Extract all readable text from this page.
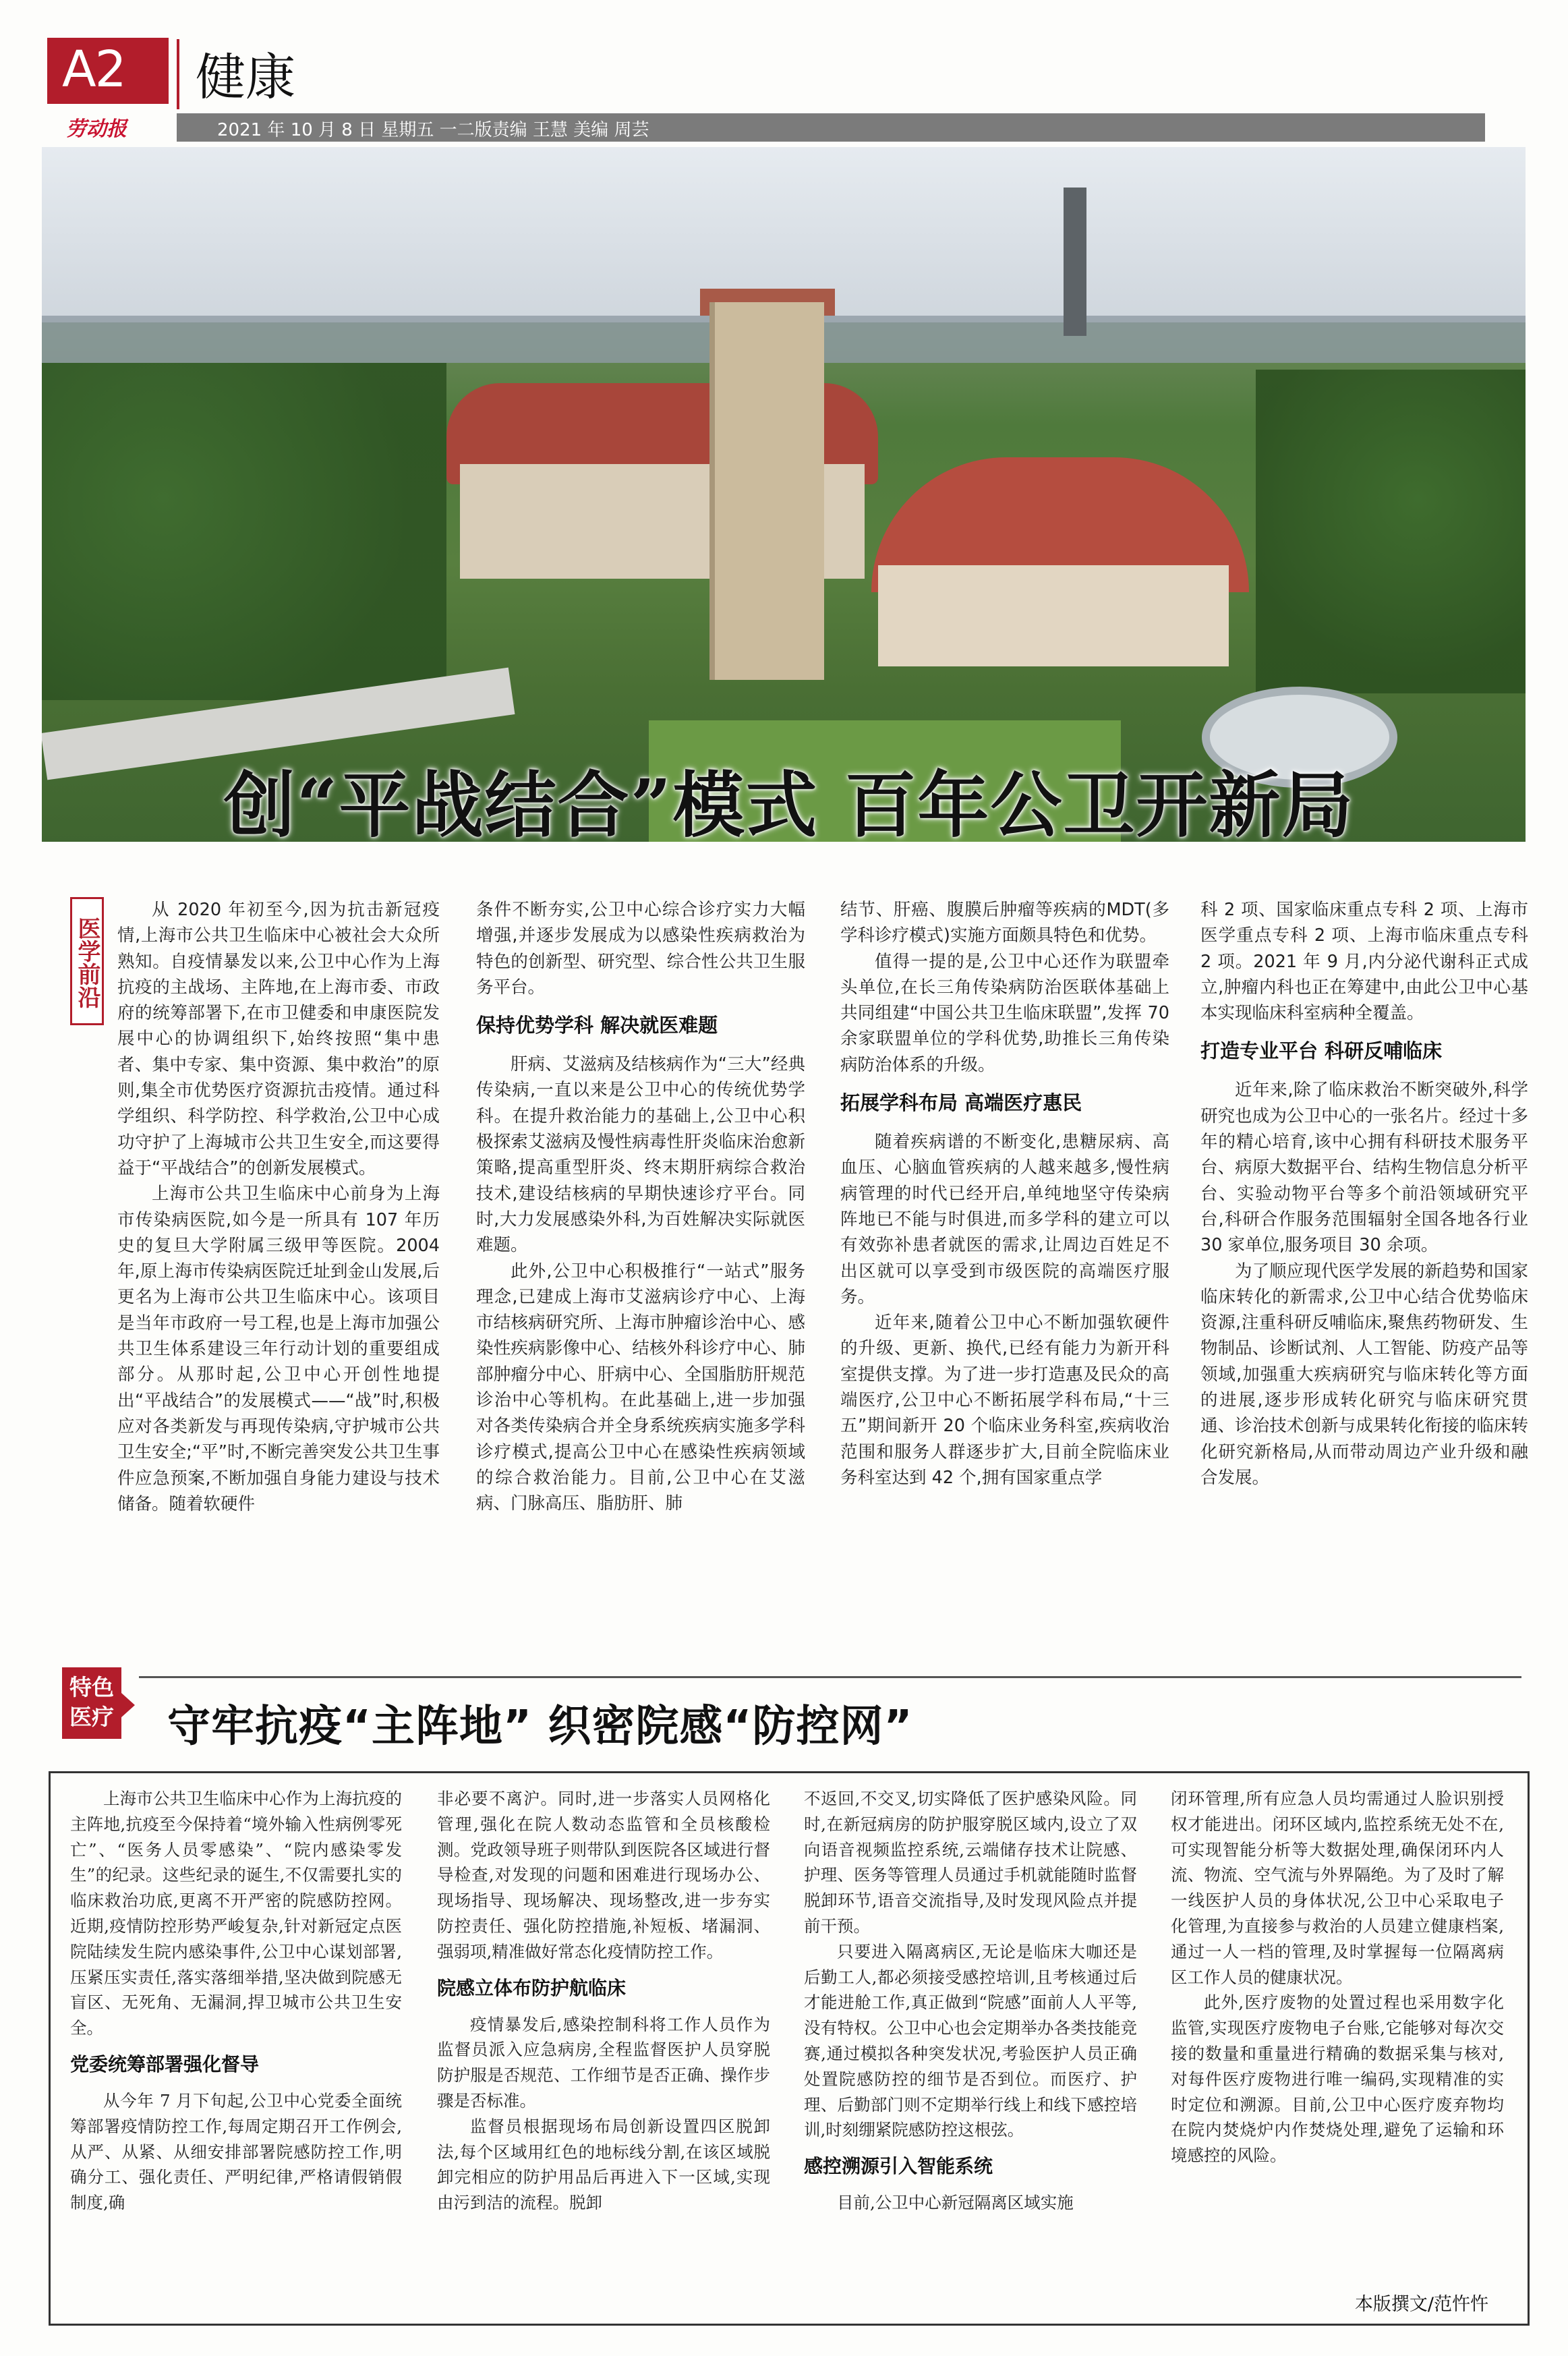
A2 健康
劳动报	2021 年 10 月 8 日 星期五 一二版责编 王慧 美编 周芸
创“平战结合”模式 百年公卫开新局
医学前沿

从 2020 年初至今,因为抗击新冠疫情,上海市公共卫生临床中心被社会大众所熟知。自疫情暴发以来,公卫中心作为上海抗疫的主战场、主阵地,在上海市委、市政府的统筹部署下,在市卫健委和申康医院发展中心的协调组织下,始终按照“集中患者、集中专家、集中资源、集中救治”的原则,集全市优势医疗资源抗击疫情。通过科学组织、科学防控、科学救治,公卫中心成功守护了上海城市公共卫生安全,而这要得益于“平战结合”的创新发展模式。

上海市公共卫生临床中心前身为上海市传染病医院,如今是一所具有 107 年历史的复旦大学附属三级甲等医院。2004 年,原上海市传染病医院迁址到金山发展,后更名为上海市公共卫生临床中心。该项目是当年市政府一号工程,也是上海市加强公共卫生体系建设三年行动计划的重要组成部分。从那时起,公卫中心开创性地提出“平战结合”的发展模式——“战”时,积极应对各类新发与再现传染病,守护城市公共卫生安全;“平”时,不断完善突发公共卫生事件应急预案,不断加强自身能力建设与技术储备。随着软硬件

条件不断夯实,公卫中心综合诊疗实力大幅增强,并逐步发展成为以感染性疾病救治为特色的创新型、研究型、综合性公共卫生服务平台。

保持优势学科 解决就医难题

肝病、艾滋病及结核病作为“三大”经典传染病,一直以来是公卫中心的传统优势学科。在提升救治能力的基础上,公卫中心积极探索艾滋病及慢性病毒性肝炎临床治愈新策略,提高重型肝炎、终末期肝病综合救治技术,建设结核病的早期快速诊疗平台。同时,大力发展感染外科,为百姓解决实际就医难题。

此外,公卫中心积极推行“一站式”服务理念,已建成上海市艾滋病诊疗中心、上海市结核病研究所、上海市肿瘤诊治中心、感染性疾病影像中心、结核外科诊疗中心、肺部肿瘤分中心、肝病中心、全国脂肪肝规范诊治中心等机构。在此基础上,进一步加强对各类传染病合并全身系统疾病实施多学科诊疗模式,提高公卫中心在感染性疾病领域的综合救治能力。目前,公卫中心在艾滋病、门脉高压、脂肪肝、肺

结节、肝癌、腹膜后肿瘤等疾病的MDT(多学科诊疗模式)实施方面颇具特色和优势。

值得一提的是,公卫中心还作为联盟牵头单位,在长三角传染病防治医联体基础上共同组建“中国公共卫生临床联盟”,发挥 70 余家联盟单位的学科优势,助推长三角传染病防治体系的升级。

拓展学科布局 高端医疗惠民

随着疾病谱的不断变化,患糖尿病、高血压、心脑血管疾病的人越来越多,慢性病病管理的时代已经开启,单纯地坚守传染病阵地已不能与时俱进,而多学科的建立可以有效弥补患者就医的需求,让周边百姓足不出区就可以享受到市级医院的高端医疗服务。

近年来,随着公卫中心不断加强软硬件的升级、更新、换代,已经有能力为新开科室提供支撑。为了进一步打造惠及民众的高端医疗,公卫中心不断拓展学科布局,“十三五”期间新开 20 个临床业务科室,疾病收治范围和服务人群逐步扩大,目前全院临床业务科室达到 42 个,拥有国家重点学

科 2 项、国家临床重点专科 2 项、上海市医学重点专科 2 项、上海市临床重点专科 2 项。2021 年 9 月,内分泌代谢科正式成立,肿瘤内科也正在筹建中,由此公卫中心基本实现临床科室病种全覆盖。

打造专业平台 科研反哺临床

近年来,除了临床救治不断突破外,科学研究也成为公卫中心的一张名片。经过十多年的精心培育,该中心拥有科研技术服务平台、病原大数据平台、结构生物信息分析平台、实验动物平台等多个前沿领域研究平台,科研合作服务范围辐射全国各地各行业 30 家单位,服务项目 30 余项。

为了顺应现代医学发展的新趋势和国家临床转化的新需求,公卫中心结合优势临床资源,注重科研反哺临床,聚焦药物研发、生物制品、诊断试剂、人工智能、防疫产品等领域,加强重大疾病研究与临床转化等方面的进展,逐步形成转化研究与临床研究贯通、诊治技术创新与成果转化衔接的临床转化研究新格局,从而带动周边产业升级和融合发展。

特色医疗 守牢抗疫“主阵地” 织密院感“防控网”

上海市公共卫生临床中心作为上海抗疫的主阵地,抗疫至今保持着“境外输入性病例零死亡”、“医务人员零感染”、“院内感染零发生”的纪录。这些纪录的诞生,不仅需要扎实的临床救治功底,更离不开严密的院感防控网。近期,疫情防控形势严峻复杂,针对新冠定点医院陆续发生院内感染事件,公卫中心谋划部署,压紧压实责任,落实落细举措,坚决做到院感无盲区、无死角、无漏洞,捍卫城市公共卫生安全。

党委统筹部署强化督导

从今年 7 月下旬起,公卫中心党委全面统筹部署疫情防控工作,每周定期召开工作例会,从严、从紧、从细安排部署院感防控工作,明确分工、强化责任、严明纪律,严格请假销假制度,确

非必要不离沪。同时,进一步落实人员网格化管理,强化在院人数动态监管和全员核酸检测。党政领导班子则带队到医院各区域进行督导检查,对发现的问题和困难进行现场办公、现场指导、现场解决、现场整改,进一步夯实防控责任、强化防控措施,补短板、堵漏洞、强弱项,精准做好常态化疫情防控工作。

院感立体布防护航临床

疫情暴发后,感染控制科将工作人员作为监督员派入应急病房,全程监督医护人员穿脱防护服是否规范、工作细节是否正确、操作步骤是否标准。

监督员根据现场布局创新设置四区脱卸法,每个区域用红色的地标线分割,在该区域脱卸完相应的防护用品后再进入下一区域,实现由污到洁的流程。脱卸

不返回,不交叉,切实降低了医护感染风险。同时,在新冠病房的防护服穿脱区域内,设立了双向语音视频监控系统,云端储存技术让院感、护理、医务等管理人员通过手机就能随时监督脱卸环节,语音交流指导,及时发现风险点并提前干预。

只要进入隔离病区,无论是临床大咖还是后勤工人,都必须接受感控培训,且考核通过后才能进舱工作,真正做到“院感”面前人人平等,没有特权。公卫中心也会定期举办各类技能竞赛,通过模拟各种突发状况,考验医护人员正确处置院感防控的细节是否到位。而医疗、护理、后勤部门则不定期举行线上和线下感控培训,时刻绷紧院感防控这根弦。

感控溯源引入智能系统

目前,公卫中心新冠隔离区域实施

闭环管理,所有应急人员均需通过人脸识别授权才能进出。闭环区域内,监控系统无处不在,可实现智能分析等大数据处理,确保闭环内人流、物流、空气流与外界隔绝。为了及时了解一线医护人员的身体状况,公卫中心采取电子化管理,为直接参与救治的人员建立健康档案,通过一人一档的管理,及时掌握每一位隔离病区工作人员的健康状况。

此外,医疗废物的处置过程也采用数字化监管,实现医疗废物电子台账,它能够对每次交接的数量和重量进行精确的数据采集与核对,对每件医疗废物进行唯一编码,实现精准的实时定位和溯源。目前,公卫中心医疗废弃物均在院内焚烧炉内作焚烧处理,避免了运输和环境感控的风险。

本版撰文/范忤忤
